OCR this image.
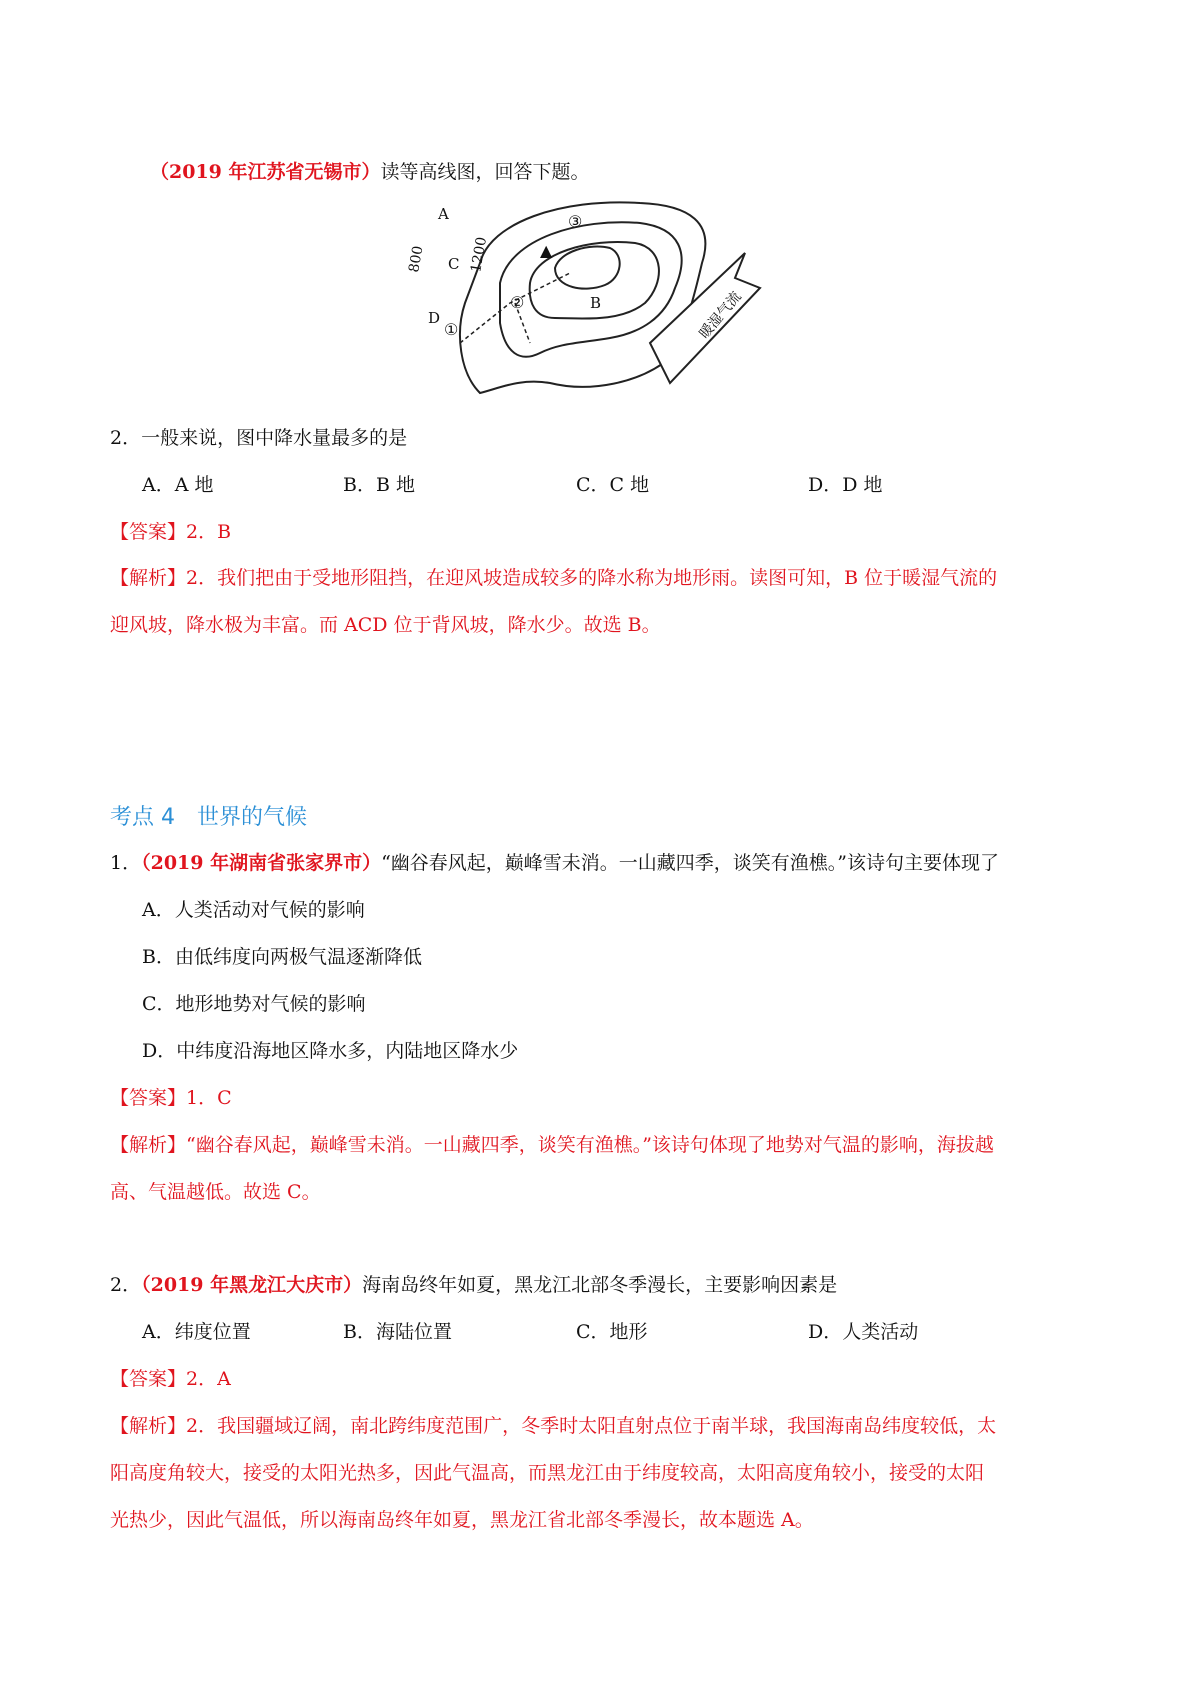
（2019 年江苏省无锡市）读等高线图，回答下题。
暖湿气流
A
C
D
B
800	1200
①
②
③
▲
2．一般来说，图中降水量最多的是
A．A 地	B．B 地	C．C 地	D．D 地
【答案】2．B
【解析】2．我们把由于受地形阻挡，在迎风坡造成较多的降水称为地形雨。读图可知，B 位于暖湿气流的
迎风坡，降水极为丰富。而 ACD 位于背风坡，降水少。故选 B。
考点 4　世界的气候
1．（2019 年湖南省张家界市）“幽谷春风起，巅峰雪未消。一山藏四季，谈笑有渔樵。”该诗句主要体现了
A．人类活动对气候的影响
B．由低纬度向两极气温逐渐降低
C．地形地势对气候的影响
D．中纬度沿海地区降水多，内陆地区降水少
【答案】1．C
【解析】“幽谷春风起，巅峰雪未消。一山藏四季，谈笑有渔樵。”该诗句体现了地势对气温的影响，海拔越
高、气温越低。故选 C。
2．（2019 年黑龙江大庆市）海南岛终年如夏，黑龙江北部冬季漫长，主要影响因素是
A．纬度位置	B．海陆位置	C．地形	D．人类活动
【答案】2．A
【解析】2．我国疆域辽阔，南北跨纬度范围广，冬季时太阳直射点位于南半球，我国海南岛纬度较低，太
阳高度角较大，接受的太阳光热多，因此气温高，而黑龙江由于纬度较高，太阳高度角较小，接受的太阳
光热少，因此气温低，所以海南岛终年如夏，黑龙江省北部冬季漫长，故本题选 A。
